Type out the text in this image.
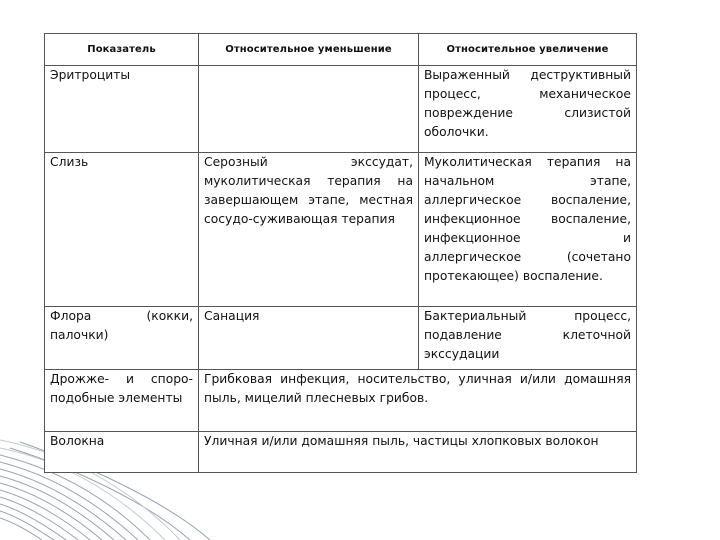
Показатель	Относительное уменьшение	Относительное увеличение
Эритроциты		Выраженный деструктивный процесс, механическое повреждение слизистой оболочки.
Слизь	Серозный экссудат, муколитическая терапия на завершающем этапе, местная сосудо-суживающая терапия	Муколитическая терапия на начальном этапе, аллергическое воспаление, инфекционное воспаление, инфекционное и аллергическое (сочетано протекающее) воспаление.
Флора (кокки, палочки)	Санация	Бактериальный процесс, подавление клеточной экссудации
Дрожже- и споро-подобные элементы	Грибковая инфекция, носительство, уличная и/или домашняя пыль, мицелий плесневых грибов.	
Волокна	Уличная и/или домашняя пыль, частицы хлопковых волокон	
